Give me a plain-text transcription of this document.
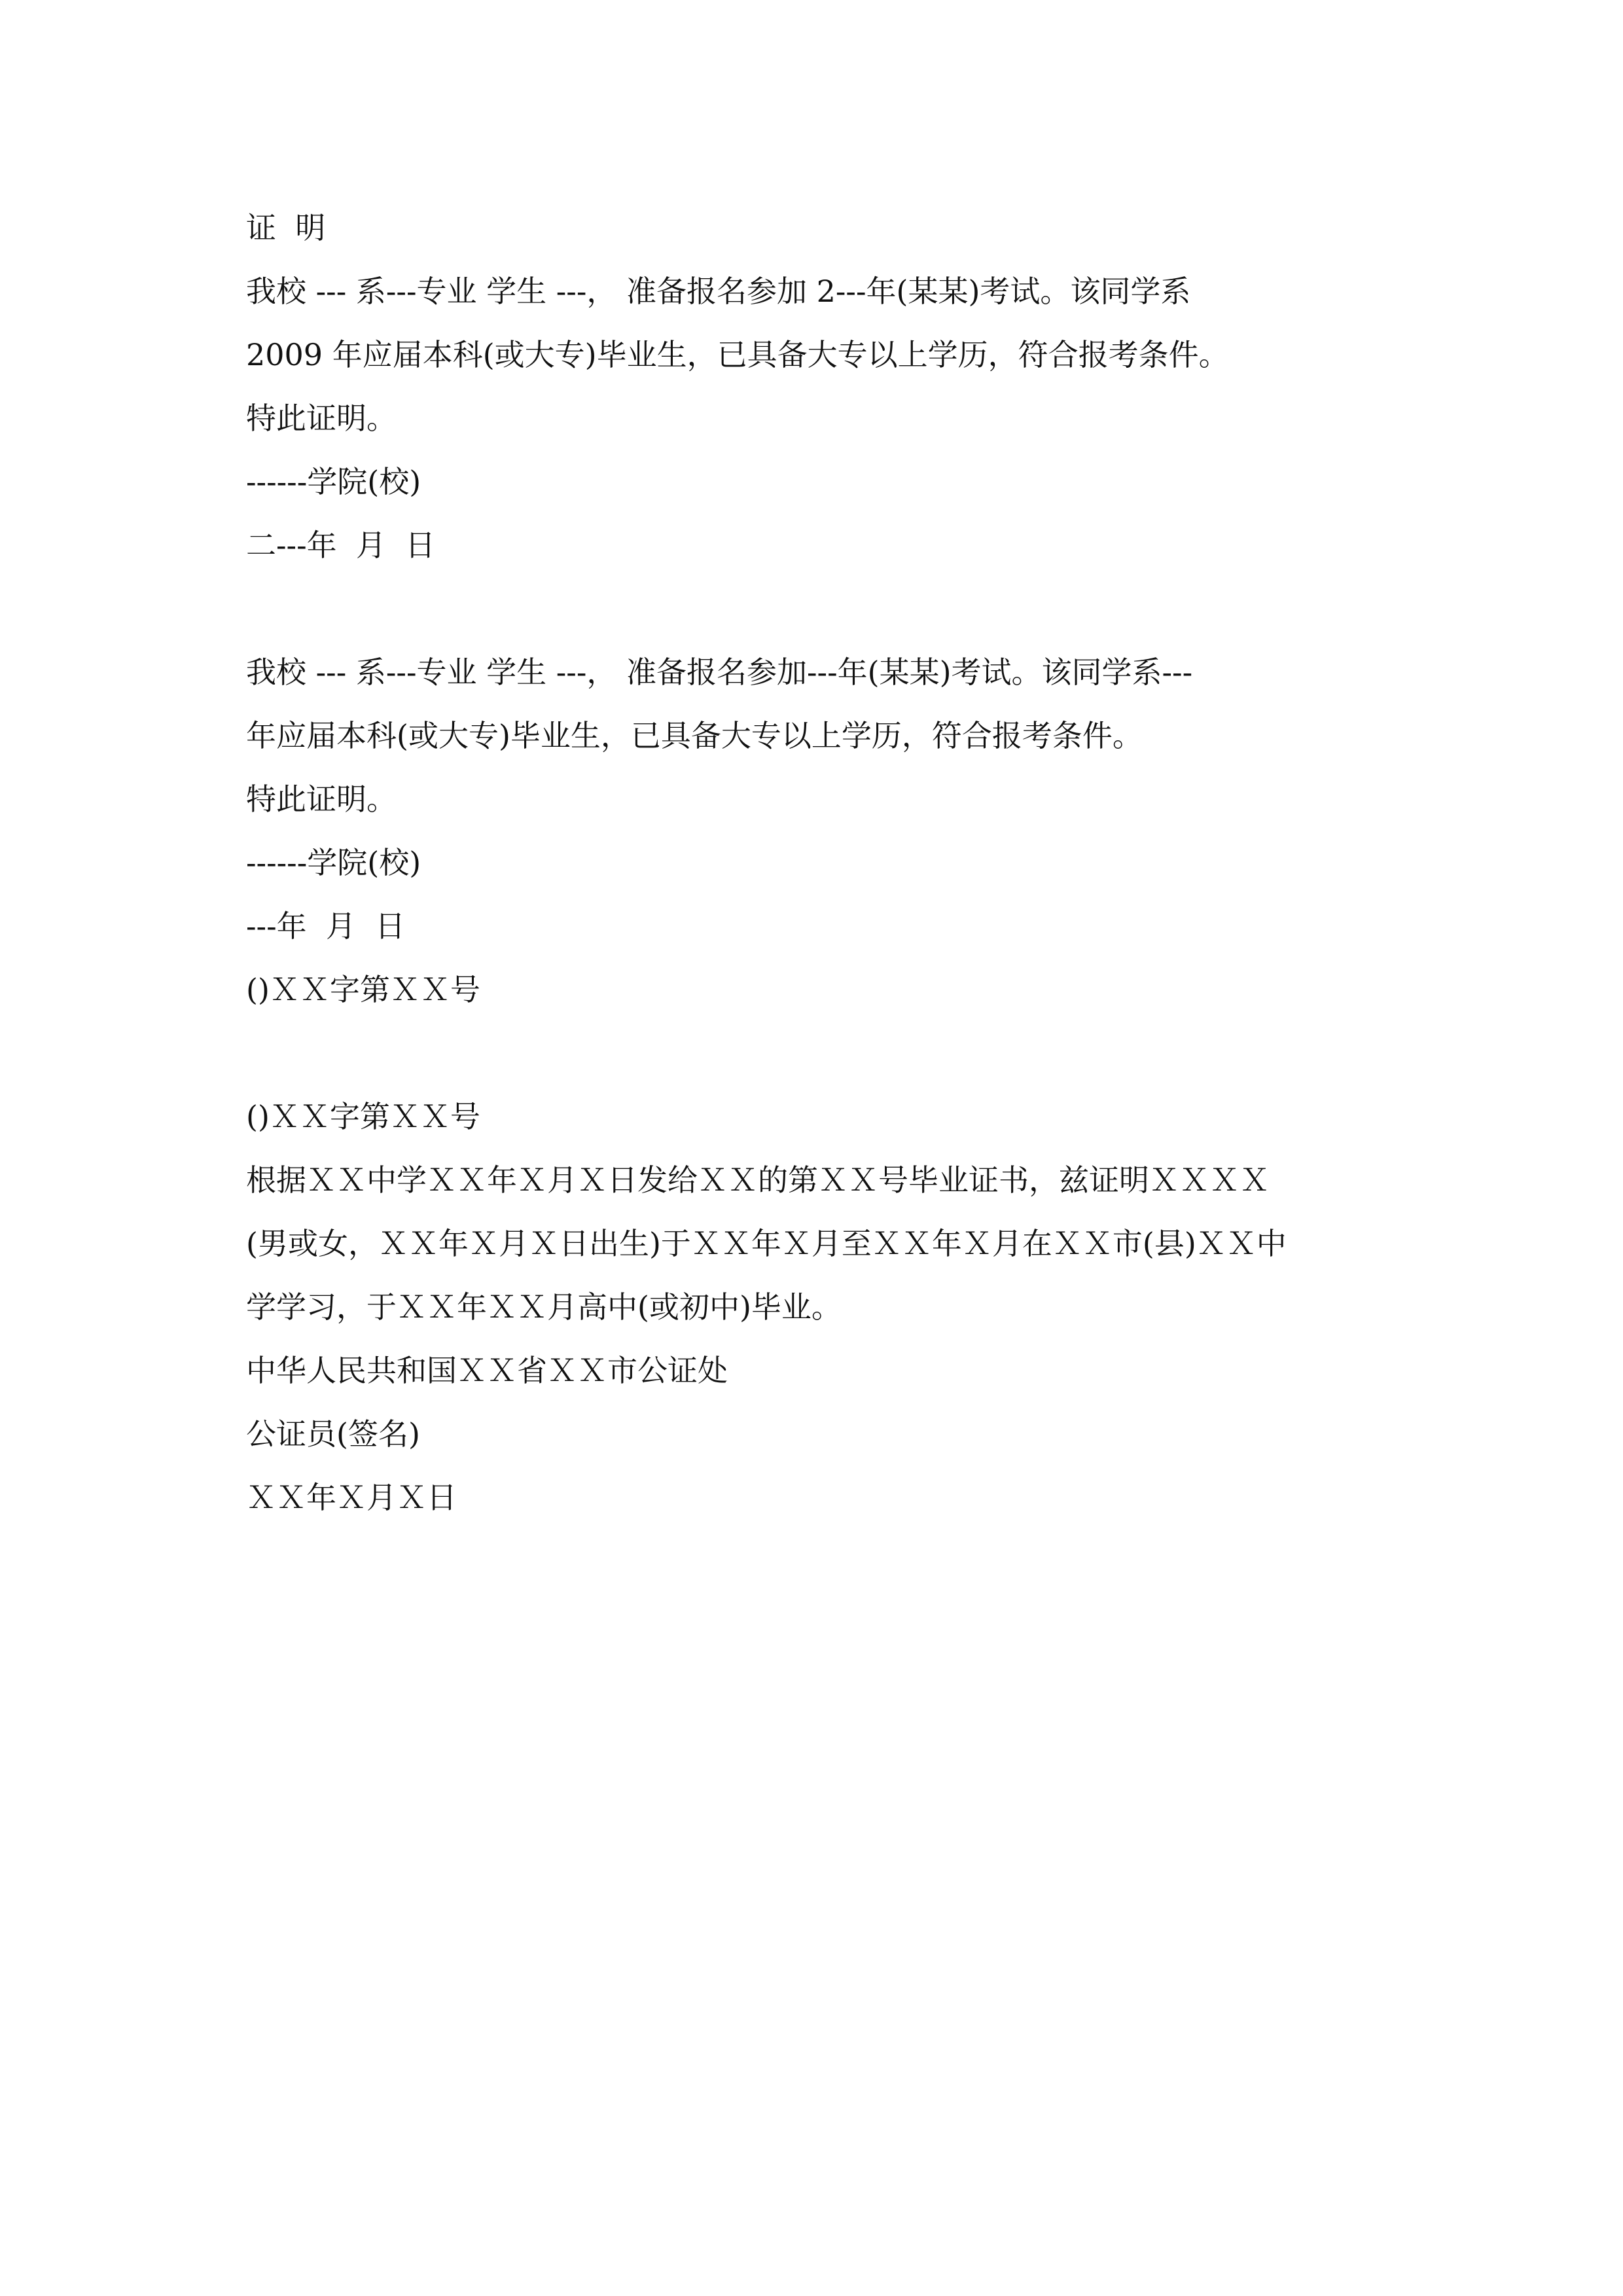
证  明
我校 --- 系---专业 学生 ---， 准备报名参加 2---年(某某)考试。该同学系
2009 年应届本科(或大专)毕业生，已具备大专以上学历，符合报考条件。
特此证明。
------学院(校)
二---年  月  日
我校 --- 系---专业 学生 ---， 准备报名参加---年(某某)考试。该同学系---
年应届本科(或大专)毕业生，已具备大专以上学历，符合报考条件。
特此证明。
------学院(校)
---年  月  日
()ＸＸ字第ＸＸ号
()ＸＸ字第ＸＸ号
根据ＸＸ中学ＸＸ年Ｘ月Ｘ日发给ＸＸ的第ＸＸ号毕业证书，兹证明ＸＸＸＸ
(男或女，ＸＸ年Ｘ月Ｘ日出生)于ＸＸ年Ｘ月至ＸＸ年Ｘ月在ＸＸ市(县)ＸＸ中
学学习，于ＸＸ年ＸＸ月高中(或初中)毕业。
中华人民共和国ＸＸ省ＸＸ市公证处
公证员(签名)
ＸＸ年Ｘ月Ｘ日
